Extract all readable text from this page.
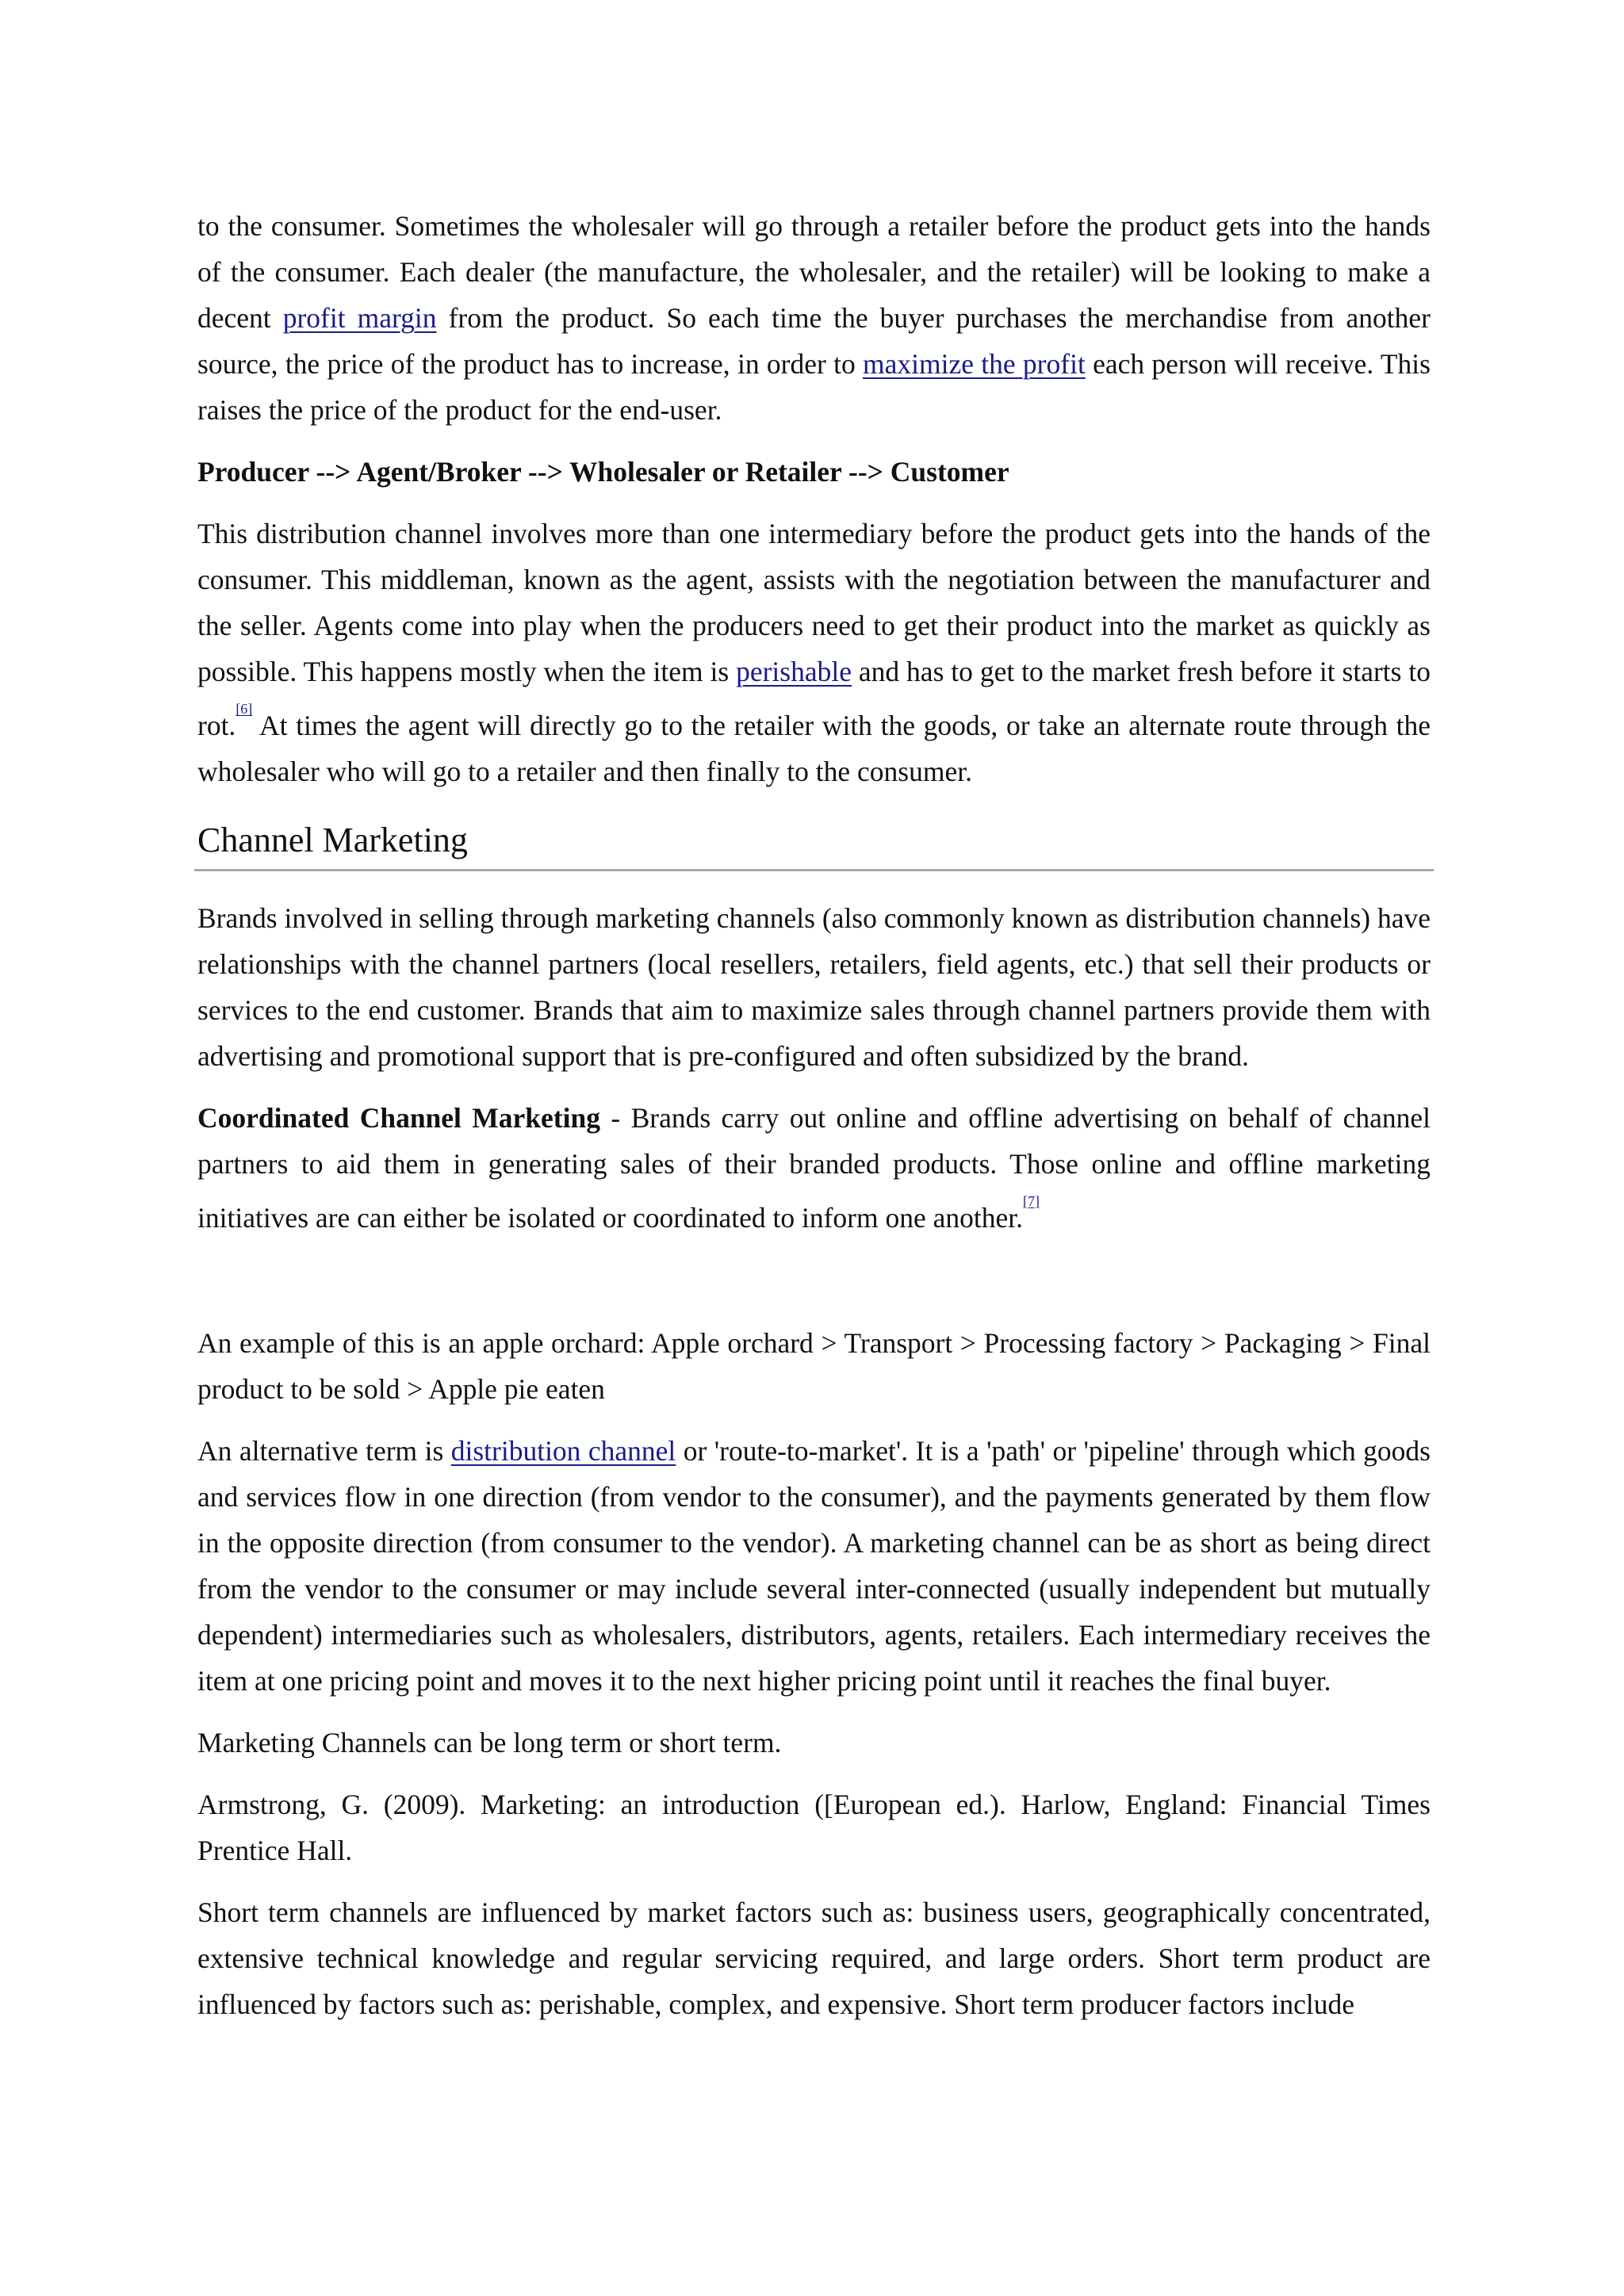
to the consumer. Sometimes the wholesaler will go through a retailer before the product gets into the hands of the consumer. Each dealer (the manufacture, the wholesaler, and the retailer) will be looking to make a decent profit margin from the product. So each time the buyer purchases the merchandise from another source, the price of the product has to increase, in order to maximize the profit each person will receive. This raises the price of the product for the end-user.

Producer --> Agent/Broker --> Wholesaler or Retailer --> Customer

This distribution channel involves more than one intermediary before the product gets into the hands of the consumer. This middleman, known as the agent, assists with the negotiation between the manufacturer and the seller. Agents come into play when the producers need to get their product into the market as quickly as possible. This happens mostly when the item is perishable and has to get to the market fresh before it starts to rot.[6] At times the agent will directly go to the retailer with the goods, or take an alternate route through the wholesaler who will go to a retailer and then finally to the consumer.

Channel Marketing

Brands involved in selling through marketing channels (also commonly known as distribution channels) have relationships with the channel partners (local resellers, retailers, field agents, etc.) that sell their products or services to the end customer. Brands that aim to maximize sales through channel partners provide them with advertising and promotional support that is pre-configured and often subsidized by the brand.

Coordinated Channel Marketing - Brands carry out online and offline advertising on behalf of channel partners to aid them in generating sales of their branded products. Those online and offline marketing initiatives are can either be isolated or coordinated to inform one another.[7]

An example of this is an apple orchard: Apple orchard > Transport > Processing factory > Packaging > Final product to be sold > Apple pie eaten

An alternative term is distribution channel or 'route-to-market'. It is a 'path' or 'pipeline' through which goods and services flow in one direction (from vendor to the consumer), and the payments generated by them flow in the opposite direction (from consumer to the vendor). A marketing channel can be as short as being direct from the vendor to the consumer or may include several inter-connected (usually independent but mutually dependent) intermediaries such as wholesalers, distributors, agents, retailers. Each intermediary receives the item at one pricing point and moves it to the next higher pricing point until it reaches the final buyer.

Marketing Channels can be long term or short term.

Armstrong, G. (2009). Marketing: an introduction ([European ed.). Harlow, England: Financial Times Prentice Hall.

Short term channels are influenced by market factors such as: business users, geographically concentrated, extensive technical knowledge and regular servicing required, and large orders. Short term product are influenced by factors such as: perishable, complex, and expensive. Short term producer factors include
